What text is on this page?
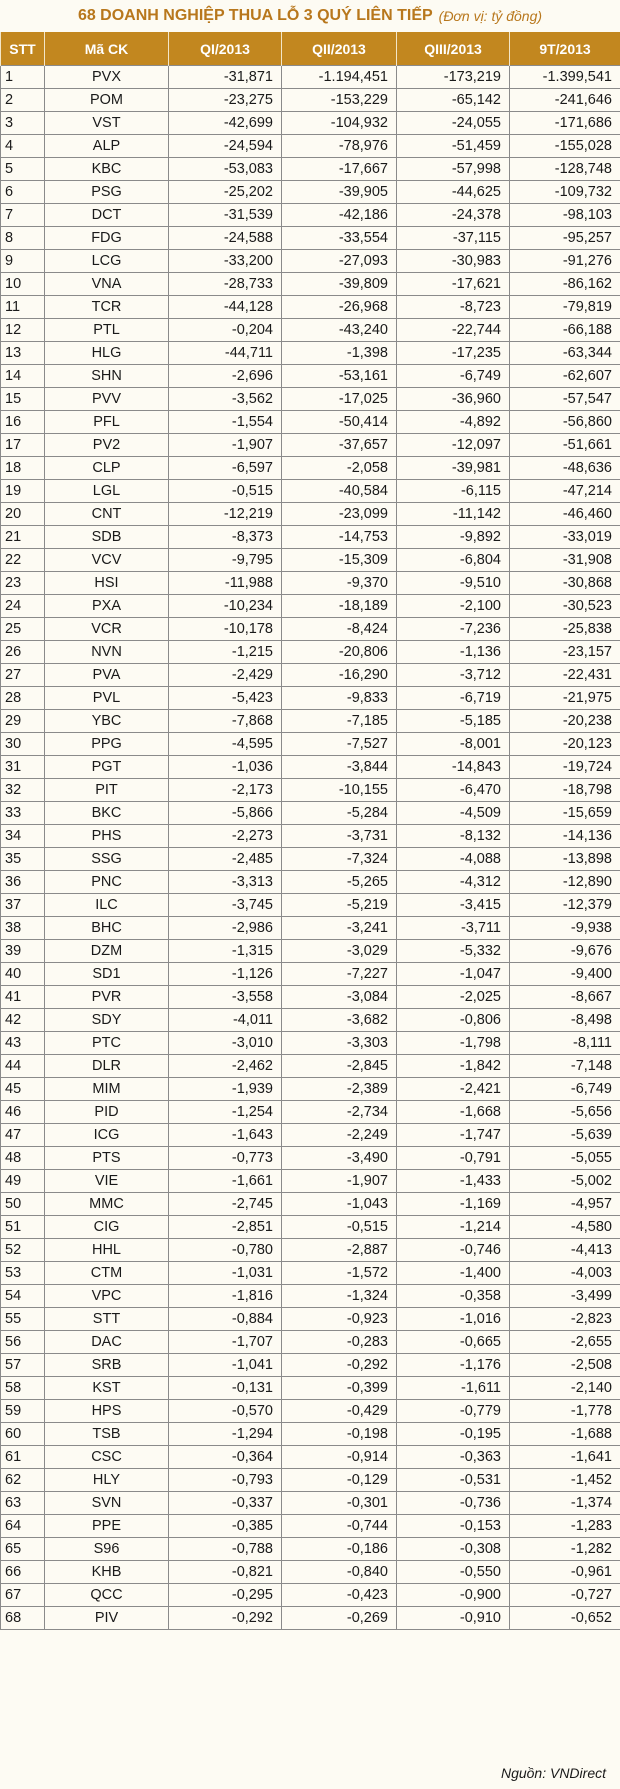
68 DOANH NGHIỆP THUA LỖ 3 QUÝ LIÊN TIẾP (Đơn vị: tỷ đồng)
STT	Mã CK	QI/2013	QII/2013	QIII/2013	9T/2013
1	PVX	-31,871	-1.194,451	-173,219	-1.399,541
2	POM	-23,275	-153,229	-65,142	-241,646
3	VST	-42,699	-104,932	-24,055	-171,686
4	ALP	-24,594	-78,976	-51,459	-155,028
5	KBC	-53,083	-17,667	-57,998	-128,748
6	PSG	-25,202	-39,905	-44,625	-109,732
7	DCT	-31,539	-42,186	-24,378	-98,103
8	FDG	-24,588	-33,554	-37,115	-95,257
9	LCG	-33,200	-27,093	-30,983	-91,276
10	VNA	-28,733	-39,809	-17,621	-86,162
11	TCR	-44,128	-26,968	-8,723	-79,819
12	PTL	-0,204	-43,240	-22,744	-66,188
13	HLG	-44,711	-1,398	-17,235	-63,344
14	SHN	-2,696	-53,161	-6,749	-62,607
15	PVV	-3,562	-17,025	-36,960	-57,547
16	PFL	-1,554	-50,414	-4,892	-56,860
17	PV2	-1,907	-37,657	-12,097	-51,661
18	CLP	-6,597	-2,058	-39,981	-48,636
19	LGL	-0,515	-40,584	-6,115	-47,214
20	CNT	-12,219	-23,099	-11,142	-46,460
21	SDB	-8,373	-14,753	-9,892	-33,019
22	VCV	-9,795	-15,309	-6,804	-31,908
23	HSI	-11,988	-9,370	-9,510	-30,868
24	PXA	-10,234	-18,189	-2,100	-30,523
25	VCR	-10,178	-8,424	-7,236	-25,838
26	NVN	-1,215	-20,806	-1,136	-23,157
27	PVA	-2,429	-16,290	-3,712	-22,431
28	PVL	-5,423	-9,833	-6,719	-21,975
29	YBC	-7,868	-7,185	-5,185	-20,238
30	PPG	-4,595	-7,527	-8,001	-20,123
31	PGT	-1,036	-3,844	-14,843	-19,724
32	PIT	-2,173	-10,155	-6,470	-18,798
33	BKC	-5,866	-5,284	-4,509	-15,659
34	PHS	-2,273	-3,731	-8,132	-14,136
35	SSG	-2,485	-7,324	-4,088	-13,898
36	PNC	-3,313	-5,265	-4,312	-12,890
37	ILC	-3,745	-5,219	-3,415	-12,379
38	BHC	-2,986	-3,241	-3,711	-9,938
39	DZM	-1,315	-3,029	-5,332	-9,676
40	SD1	-1,126	-7,227	-1,047	-9,400
41	PVR	-3,558	-3,084	-2,025	-8,667
42	SDY	-4,011	-3,682	-0,806	-8,498
43	PTC	-3,010	-3,303	-1,798	-8,111
44	DLR	-2,462	-2,845	-1,842	-7,148
45	MIM	-1,939	-2,389	-2,421	-6,749
46	PID	-1,254	-2,734	-1,668	-5,656
47	ICG	-1,643	-2,249	-1,747	-5,639
48	PTS	-0,773	-3,490	-0,791	-5,055
49	VIE	-1,661	-1,907	-1,433	-5,002
50	MMC	-2,745	-1,043	-1,169	-4,957
51	CIG	-2,851	-0,515	-1,214	-4,580
52	HHL	-0,780	-2,887	-0,746	-4,413
53	CTM	-1,031	-1,572	-1,400	-4,003
54	VPC	-1,816	-1,324	-0,358	-3,499
55	STT	-0,884	-0,923	-1,016	-2,823
56	DAC	-1,707	-0,283	-0,665	-2,655
57	SRB	-1,041	-0,292	-1,176	-2,508
58	KST	-0,131	-0,399	-1,611	-2,140
59	HPS	-0,570	-0,429	-0,779	-1,778
60	TSB	-1,294	-0,198	-0,195	-1,688
61	CSC	-0,364	-0,914	-0,363	-1,641
62	HLY	-0,793	-0,129	-0,531	-1,452
63	SVN	-0,337	-0,301	-0,736	-1,374
64	PPE	-0,385	-0,744	-0,153	-1,283
65	S96	-0,788	-0,186	-0,308	-1,282
66	KHB	-0,821	-0,840	-0,550	-0,961
67	QCC	-0,295	-0,423	-0,900	-0,727
68	PIV	-0,292	-0,269	-0,910	-0,652
Nguồn: VNDirect
